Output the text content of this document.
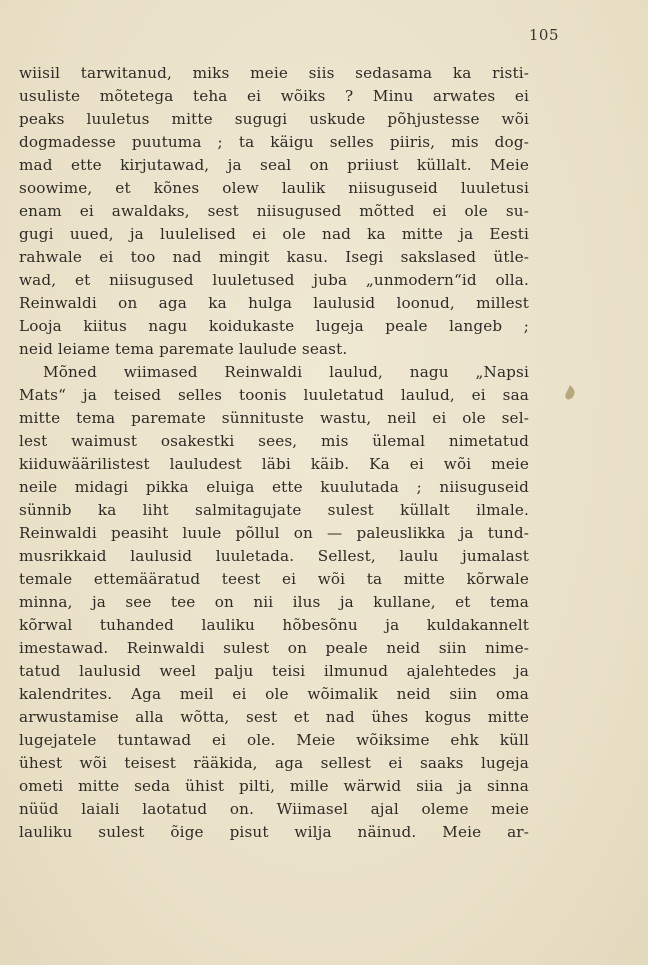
105
wiisil tarwitanud, miks meie siis sedasama ka risti-
usuliste mõtetega teha ei wõiks ? Minu arwates ei
peaks luuletus mitte sugugi uskude põhjustesse wõi
dogmadesse puutuma ; ta käigu selles piiris, mis dog-
mad ette kirjutawad, ja seal on priiust küllalt. Meie
soowime, et kõnes olew laulik niisuguseid luuletusi
enam ei awaldaks, sest niisugused mõtted ei ole su-
gugi uued, ja luulelised ei ole nad ka mitte ja Eesti
rahwale ei too nad mingit kasu. Isegi sakslased ütle-
wad, et niisugused luuletused juba „unmodern“id olla.
Reinwaldi on aga ka hulga laulusid loonud, millest
Looja kiitus nagu koidukaste lugeja peale langeb ;
neid leiame tema paremate laulude seast.
Mõned wiimased Reinwaldi laulud, nagu „Napsi
Mats“ ja teised selles toonis luuletatud laulud, ei saa
mitte tema paremate sünnituste wastu, neil ei ole sel-
lest waimust osakestki sees, mis ülemal nimetatud
kiiduwäärilistest lauludest läbi käib. Ka ei wõi meie
neile midagi pikka eluiga ette kuulutada ; niisuguseid
sünnib ka liht salmitagujate sulest küllalt ilmale.
Reinwaldi peasiht luule põllul on — paleuslikka ja tund-
musrikkaid laulusid luuletada. Sellest, laulu jumalast
temale ettemääratud teest ei wõi ta mitte kõrwale
minna, ja see tee on nii ilus ja kullane, et tema
kõrwal tuhanded lauliku hõbesõnu ja kuldakannelt
imestawad. Reinwaldi sulest on peale neid siin nime-
tatud laulusid weel palju teisi ilmunud ajalehtedes ja
kalendrites. Aga meil ei ole wõimalik neid siin oma
arwustamise alla wõtta, sest et nad ühes kogus mitte
lugejatele tuntawad ei ole. Meie wõiksime ehk küll
ühest wõi teisest rääkida, aga sellest ei saaks lugeja
ometi mitte seda ühist pilti, mille wärwid siia ja sinna
nüüd laiali laotatud on. Wiimasel ajal oleme meie
lauliku sulest õige pisut wilja näinud. Meie ar-
